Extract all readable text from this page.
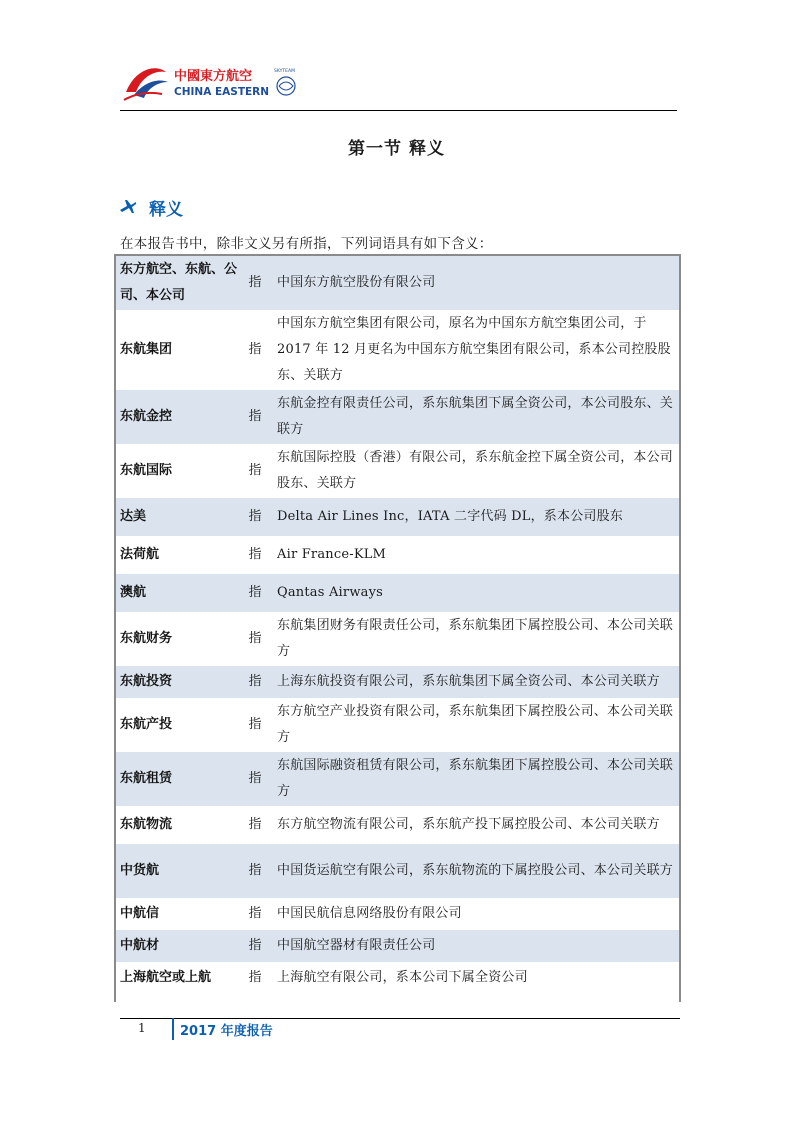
中國東方航空
CHINA EASTERN
SKYTEAM
第一节 释义
释义
在本报告书中，除非文义另有所指，下列词语具有如下含义：
东方航空、东航、公司、本公司	指	中国东方航空股份有限公司
东航集团	指	中国东方航空集团有限公司，原名为中国东方航空集团公司，于 2017 年 12 月更名为中国东方航空集团有限公司，系本公司控股股东、关联方
东航金控	指	东航金控有限责任公司，系东航集团下属全资公司，本公司股东、关联方
东航国际	指	东航国际控股（香港）有限公司，系东航金控下属全资公司，本公司股东、关联方
达美	指	Delta Air Lines Inc，IATA 二字代码 DL，系本公司股东
法荷航	指	Air France-KLM
澳航	指	Qantas Airways
东航财务	指	东航集团财务有限责任公司，系东航集团下属控股公司、本公司关联方
东航投资	指	上海东航投资有限公司，系东航集团下属全资公司、本公司关联方
东航产投	指	东方航空产业投资有限公司，系东航集团下属控股公司、本公司关联方
东航租赁	指	东航国际融资租赁有限公司，系东航集团下属控股公司、本公司关联方
东航物流	指	东方航空物流有限公司，系东航产投下属控股公司、本公司关联方
中货航	指	中国货运航空有限公司，系东航物流的下属控股公司、本公司关联方
中航信	指	中国民航信息网络股份有限公司
中航材	指	中国航空器材有限责任公司
上海航空或上航	指	上海航空有限公司，系本公司下属全资公司
1	2017 年度报告
